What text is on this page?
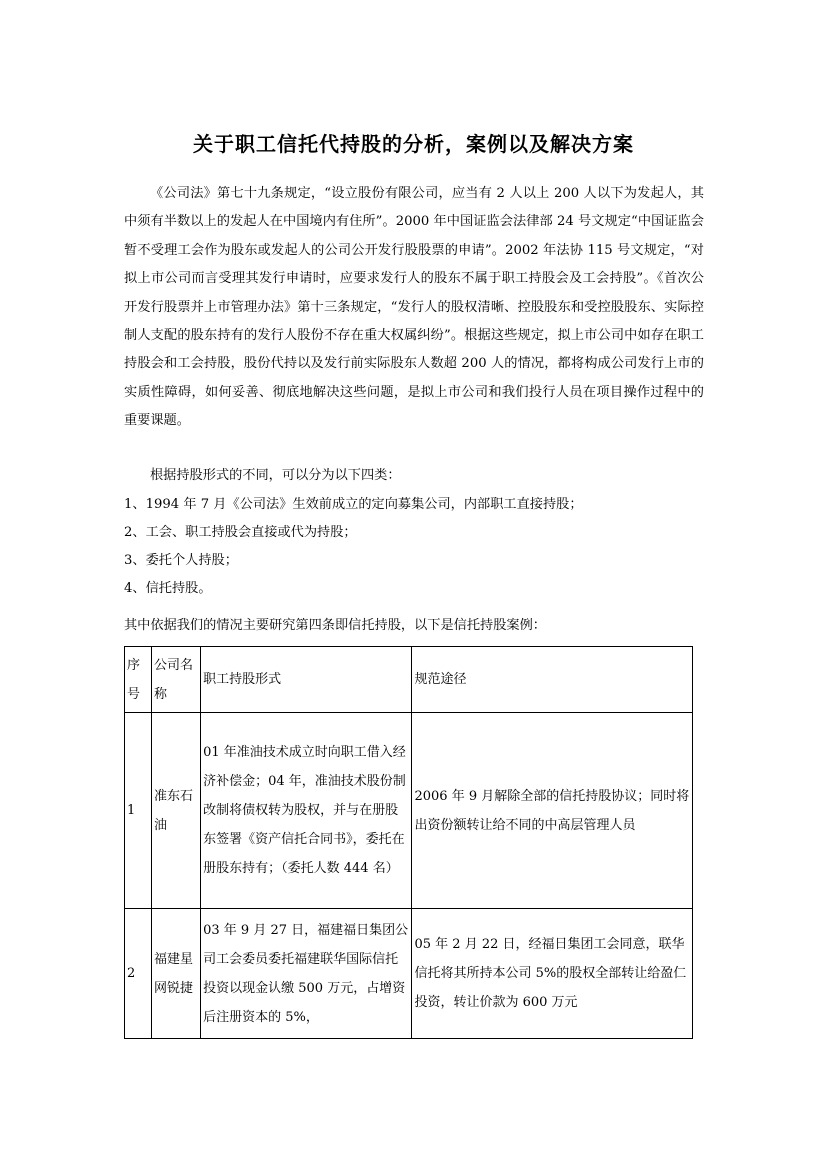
关于职工信托代持股的分析，案例以及解决方案
《公司法》第七十九条规定，“设立股份有限公司，应当有 2 人以上 200 人以下为发起人，其中须有半数以上的发起人在中国境内有住所”。2000 年中国证监会法律部 24 号文规定“中国证监会暂不受理工会作为股东或发起人的公司公开发行股股票的申请”。2002 年法协 115 号文规定，“对拟上市公司而言受理其发行申请时，应要求发行人的股东不属于职工持股会及工会持股”。《首次公开发行股票并上市管理办法》第十三条规定，“发行人的股权清晰、控股股东和受控股股东、实际控制人支配的股东持有的发行人股份不存在重大权属纠纷”。根据这些规定，拟上市公司中如存在职工持股会和工会持股，股份代持以及发行前实际股东人数超 200 人的情况，都将构成公司发行上市的实质性障碍，如何妥善、彻底地解决这些问题，是拟上市公司和我们投行人员在项目操作过程中的重要课题。
根据持股形式的不同，可以分为以下四类：
1、1994 年 7 月《公司法》生效前成立的定向募集公司，内部职工直接持股；
2、工会、职工持股会直接或代为持股；
3、委托个人持股；
4、信托持股。
其中依据我们的情况主要研究第四条即信托持股，以下是信托持股案例：
序号	公司名称	职工持股形式	规范途径
1	准东石油	01 年准油技术成立时向职工借入经济补偿金；04 年，准油技术股份制改制将债权转为股权，并与在册股东签署《资产信托合同书》，委托在册股东持有；（委托人数 444 名）	2006 年 9 月解除全部的信托持股协议；同时将出资份额转让给不同的中高层管理人员
2	福建星网锐捷	03 年 9 月 27 日，福建福日集团公司工会委员委托福建联华国际信托投资以现金认缴 500 万元，占增资后注册资本的 5%，	05 年 2 月 22 日，经福日集团工会同意，联华信托将其所持本公司 5%的股权全部转让给盈仁投资，转让价款为 600 万元
